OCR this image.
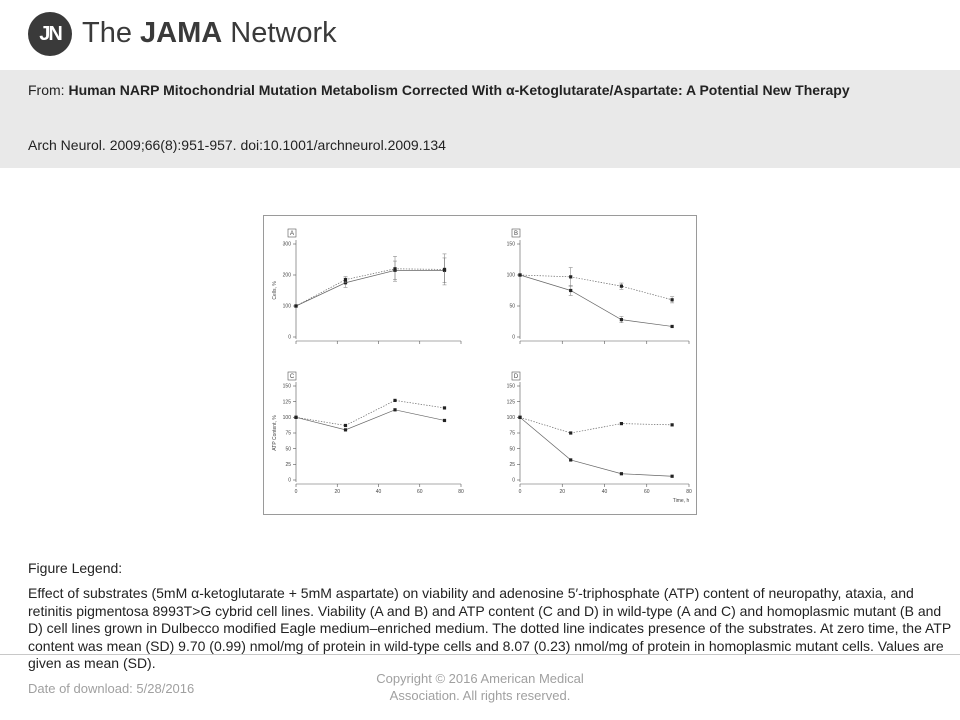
JN The JAMA Network
From: Human NARP Mitochondrial Mutation Metabolism Corrected With α-Ketoglutarate/Aspartate: A Potential New Therapy
Arch Neurol. 2009;66(8):951-957. doi:10.1001/archneurol.2009.134
A
0
100
200
300
Cells, %
B
0
50
100
150
C
0
25
50
75
100
125
150
0	20	40	60	80
ATP Content, %
D
0
25
50
75
100
125
150
0	20	40	60	80
Time, h
Figure Legend:
Effect of substrates (5mM α-ketoglutarate + 5mM aspartate) on viability and adenosine 5′-triphosphate (ATP) content of neuropathy, ataxia, and retinitis pigmentosa 8993T>G cybrid cell lines. Viability (A and B) and ATP content (C and D) in wild-type (A and C) and homoplasmic mutant (B and D) cell lines grown in Dulbecco modified Eagle medium–enriched medium. The dotted line indicates presence of the substrates. At zero time, the ATP content was mean (SD) 9.70 (0.99) nmol/mg of protein in wild-type cells and 8.07 (0.23) nmol/mg of protein in homoplasmic mutant cells. Values are given as mean (SD).
Date of download: 5/28/2016
Copyright © 2016 American Medical Association. All rights reserved.
